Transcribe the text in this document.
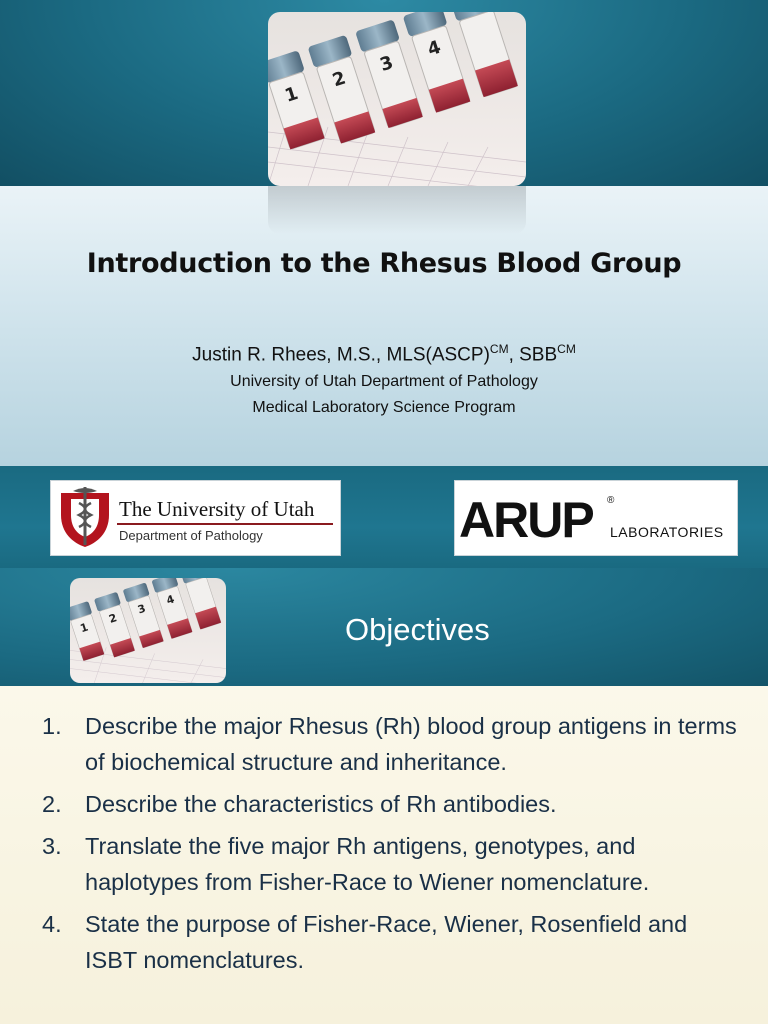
1
2
3
4
Introduction to the Rhesus Blood Group
Justin R. Rhees, M.S., MLS(ASCP)$^{CM}$, $SBB^{CM}$
University of Utah Department of Pathology
Medical Laboratory Science Program
The University of Utah
Department of Pathology	ARUP ®
LABORATORIES
1
2
3
4
Objectives
1. Describe the major Rhesus (Rh) blood group antigens in terms of biochemical structure and inheritance.
2. Describe the characteristics of Rh antibodies.
3. Translate the five major Rh antigens, genotypes, and haplotypes from Fisher-Race to Wiener nomenclature.
4. State the purpose of Fisher-Race, Wiener, Rosenfield and ISBT nomenclatures.
